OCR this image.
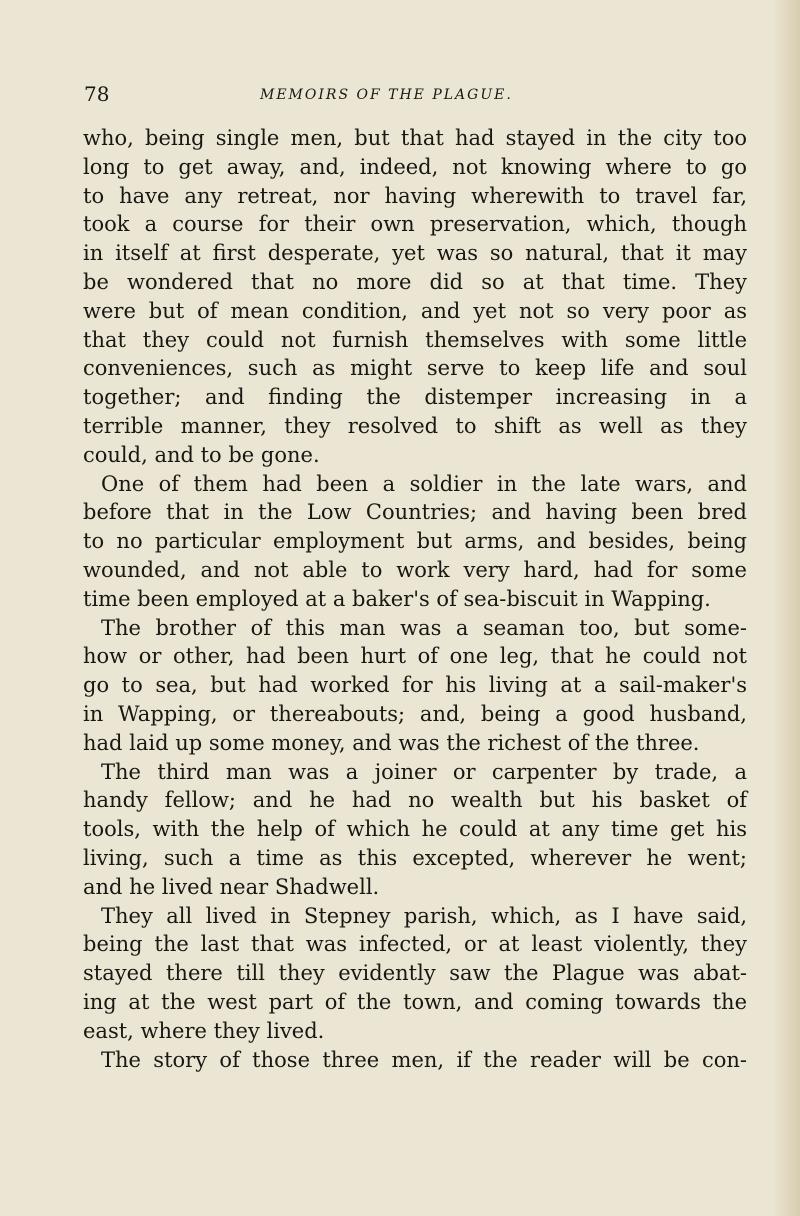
78	MEMOIRS OF THE PLAGUE.
who, being single men, but that had stayed in the city too
long to get away, and, indeed, not knowing where to go
to have any retreat, nor having wherewith to travel far,
took a course for their own preservation, which, though
in itself at first desperate, yet was so natural, that it may
be wondered that no more did so at that time. They
were but of mean condition, and yet not so very poor as
that they could not furnish themselves with some little
conveniences, such as might serve to keep life and soul
together; and finding the distemper increasing in a
terrible manner, they resolved to shift as well as they
could, and to be gone.
One of them had been a soldier in the late wars, and
before that in the Low Countries; and having been bred
to no particular employment but arms, and besides, being
wounded, and not able to work very hard, had for some
time been employed at a baker's of sea-biscuit in Wapping.
The brother of this man was a seaman too, but some-
how or other, had been hurt of one leg, that he could not
go to sea, but had worked for his living at a sail-maker's
in Wapping, or thereabouts; and, being a good husband,
had laid up some money, and was the richest of the three.
The third man was a joiner or carpenter by trade, a
handy fellow; and he had no wealth but his basket of
tools, with the help of which he could at any time get his
living, such a time as this excepted, wherever he went;
and he lived near Shadwell.
They all lived in Stepney parish, which, as I have said,
being the last that was infected, or at least violently, they
stayed there till they evidently saw the Plague was abat-
ing at the west part of the town, and coming towards the
east, where they lived.
The story of those three men, if the reader will be con-
